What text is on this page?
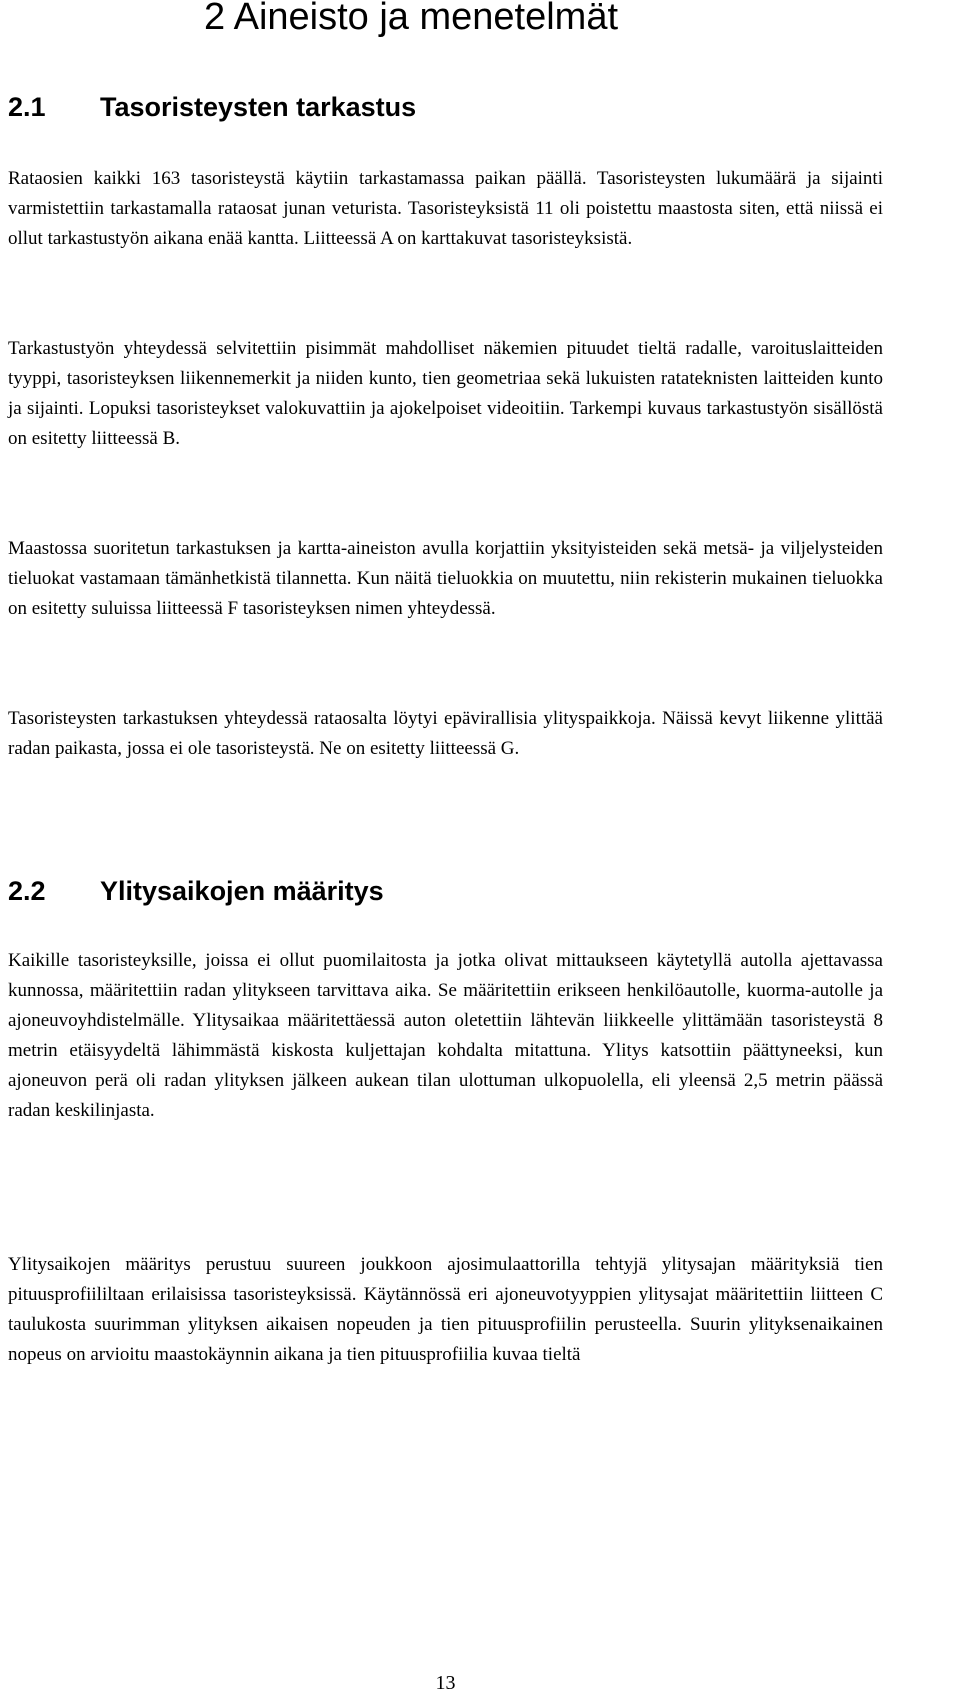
2 Aineisto ja menetelmät
2.1 Tasoristeysten tarkastus

Rataosien kaikki 163 tasoristeystä käytiin tarkastamassa paikan päällä. Tasoristeysten lukumäärä ja sijainti varmistettiin tarkastamalla rataosat junan veturista. Tasoristeyksistä 11 oli poistettu maastosta siten, että niissä ei ollut tarkastustyön aikana enää kantta. Liitteessä A on karttakuvat tasoristeyksistä.

Tarkastustyön yhteydessä selvitettiin pisimmät mahdolliset näkemien pituudet tieltä radalle, varoituslaitteiden tyyppi, tasoristeyksen liikennemerkit ja niiden kunto, tien geometriaa sekä lukuisten ratateknisten laitteiden kunto ja sijainti. Lopuksi tasoristeykset valokuvattiin ja ajokelpoiset videoitiin. Tarkempi kuvaus tarkastustyön sisällöstä on esitetty liitteessä B.

Maastossa suoritetun tarkastuksen ja kartta-aineiston avulla korjattiin yksityisteiden sekä metsä- ja viljelysteiden tieluokat vastamaan tämänhetkistä tilannetta. Kun näitä tieluokkia on muutettu, niin rekisterin mukainen tieluokka on esitetty suluissa liitteessä F tasoristeyksen nimen yhteydessä.

Tasoristeysten tarkastuksen yhteydessä rataosalta löytyi epävirallisia ylityspaikkoja. Näissä kevyt liikenne ylittää radan paikasta, jossa ei ole tasoristeystä. Ne on esitetty liitteessä G.

2.2 Ylitysaikojen määritys

Kaikille tasoristeyksille, joissa ei ollut puomilaitosta ja jotka olivat mittaukseen käytetyllä autolla ajettavassa kunnossa, määritettiin radan ylitykseen tarvittava aika. Se määritettiin erikseen henkilöautolle, kuorma-autolle ja ajoneuvoyhdistelmälle. Ylitysaikaa määritettäessä auton oletettiin lähtevän liikkeelle ylittämään tasoristeystä 8 metrin etäisyydeltä lähimmästä kiskosta kuljettajan kohdalta mitattuna. Ylitys katsottiin päättyneeksi, kun ajoneuvon perä oli radan ylityksen jälkeen aukean tilan ulottuman ulkopuolella, eli yleensä 2,5 metrin päässä radan keskilinjasta.

Ylitysaikojen määritys perustuu suureen joukkoon ajosimulaattorilla tehtyjä ylitysajan määrityksiä tien pituusprofiililtaan erilaisissa tasoristeyksissä. Käytännössä eri ajoneuvotyyppien ylitysajat määritettiin liitteen C taulukosta suurimman ylityksen aikaisen nopeuden ja tien pituusprofiilin perusteella. Suurin ylityksenaikainen nopeus on arvioitu maastokäynnin aikana ja tien pituusprofiilia kuvaa tieltä

13
